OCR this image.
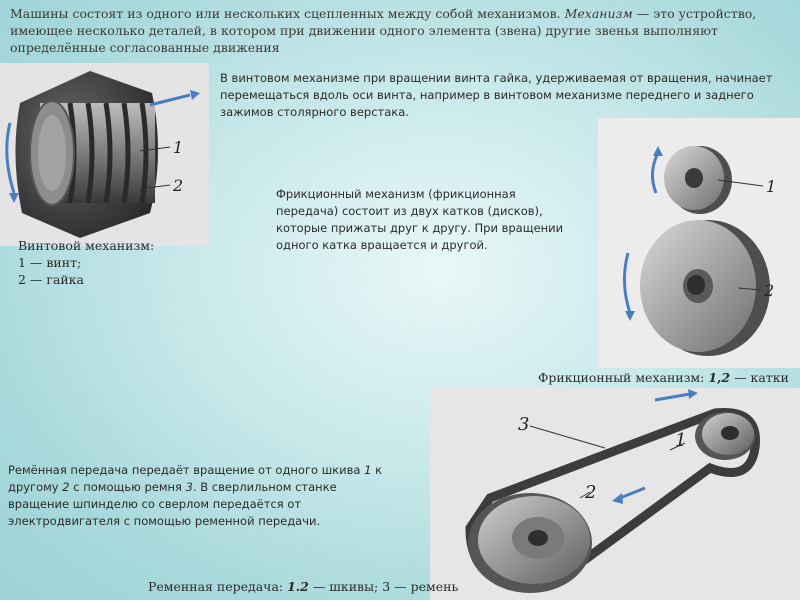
Машины состоят из одного или нескольких сцепленных между собой механизмов. Механизм — это устройство, имеющее несколько деталей, в котором при движении одного элемента (звена) другие звенья выполняют определённые согласованные движения
1
2
В винтовом механизме при вращении винта гайка, удерживаемая от вращения, начинает перемещаться вдоль оси винта, например в винтовом механизме переднего и заднего зажимов столярного верстака.
Винтовой механизм:
1 — винт;
2 — гайка
Фрикционный механизм (фрикционная передача) состоит из двух катков (дисков), которые прижаты друг к другу. При вращении одного катка вращается и другой.
1
2
Фрикционный механизм: 1,2 — катки
3
1
2
Ремённая передача передаёт вращение от одного шкива 1 к другому 2 с помощью ремня 3. В сверлильном станке вращение шпинделю со сверлом передаётся от электродвигателя с помощью ременной передачи.
Ременная передача: 1.2 — шкивы; 3 — ремень
